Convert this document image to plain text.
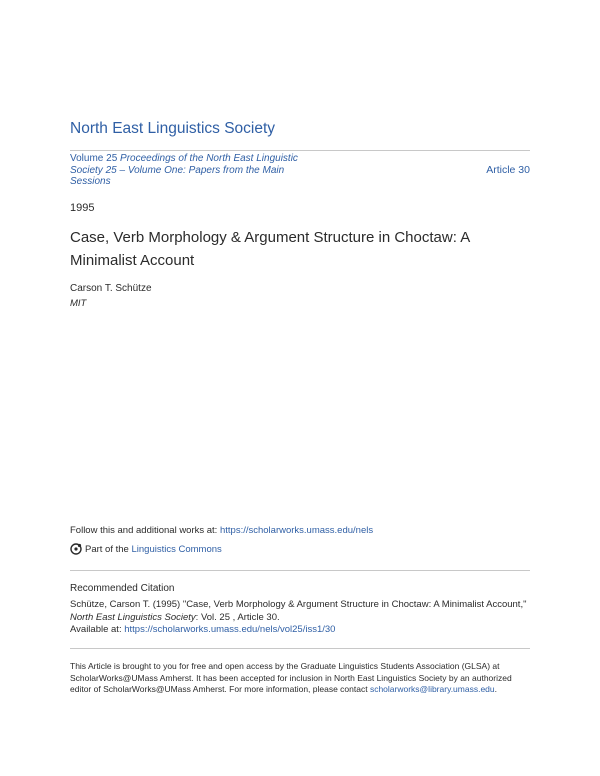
North East Linguistics Society
Volume 25 Proceedings of the North East Linguistic Society 25 – Volume One: Papers from the Main Sessions
Article 30
1995
Case, Verb Morphology & Argument Structure in Choctaw: A Minimalist Account
Carson T. Schütze
MIT
Follow this and additional works at: https://scholarworks.umass.edu/nels
Part of the
Linguistics Commons
Recommended Citation
Schütze, Carson T. (1995) "Case, Verb Morphology & Argument Structure in Choctaw: A Minimalist Account," North East Linguistics Society: Vol. 25 , Article 30.
Available at: https://scholarworks.umass.edu/nels/vol25/iss1/30
This Article is brought to you for free and open access by the Graduate Linguistics Students Association (GLSA) at ScholarWorks@UMass Amherst. It has been accepted for inclusion in North East Linguistics Society by an authorized editor of ScholarWorks@UMass Amherst. For more information, please contact scholarworks@library.umass.edu.
